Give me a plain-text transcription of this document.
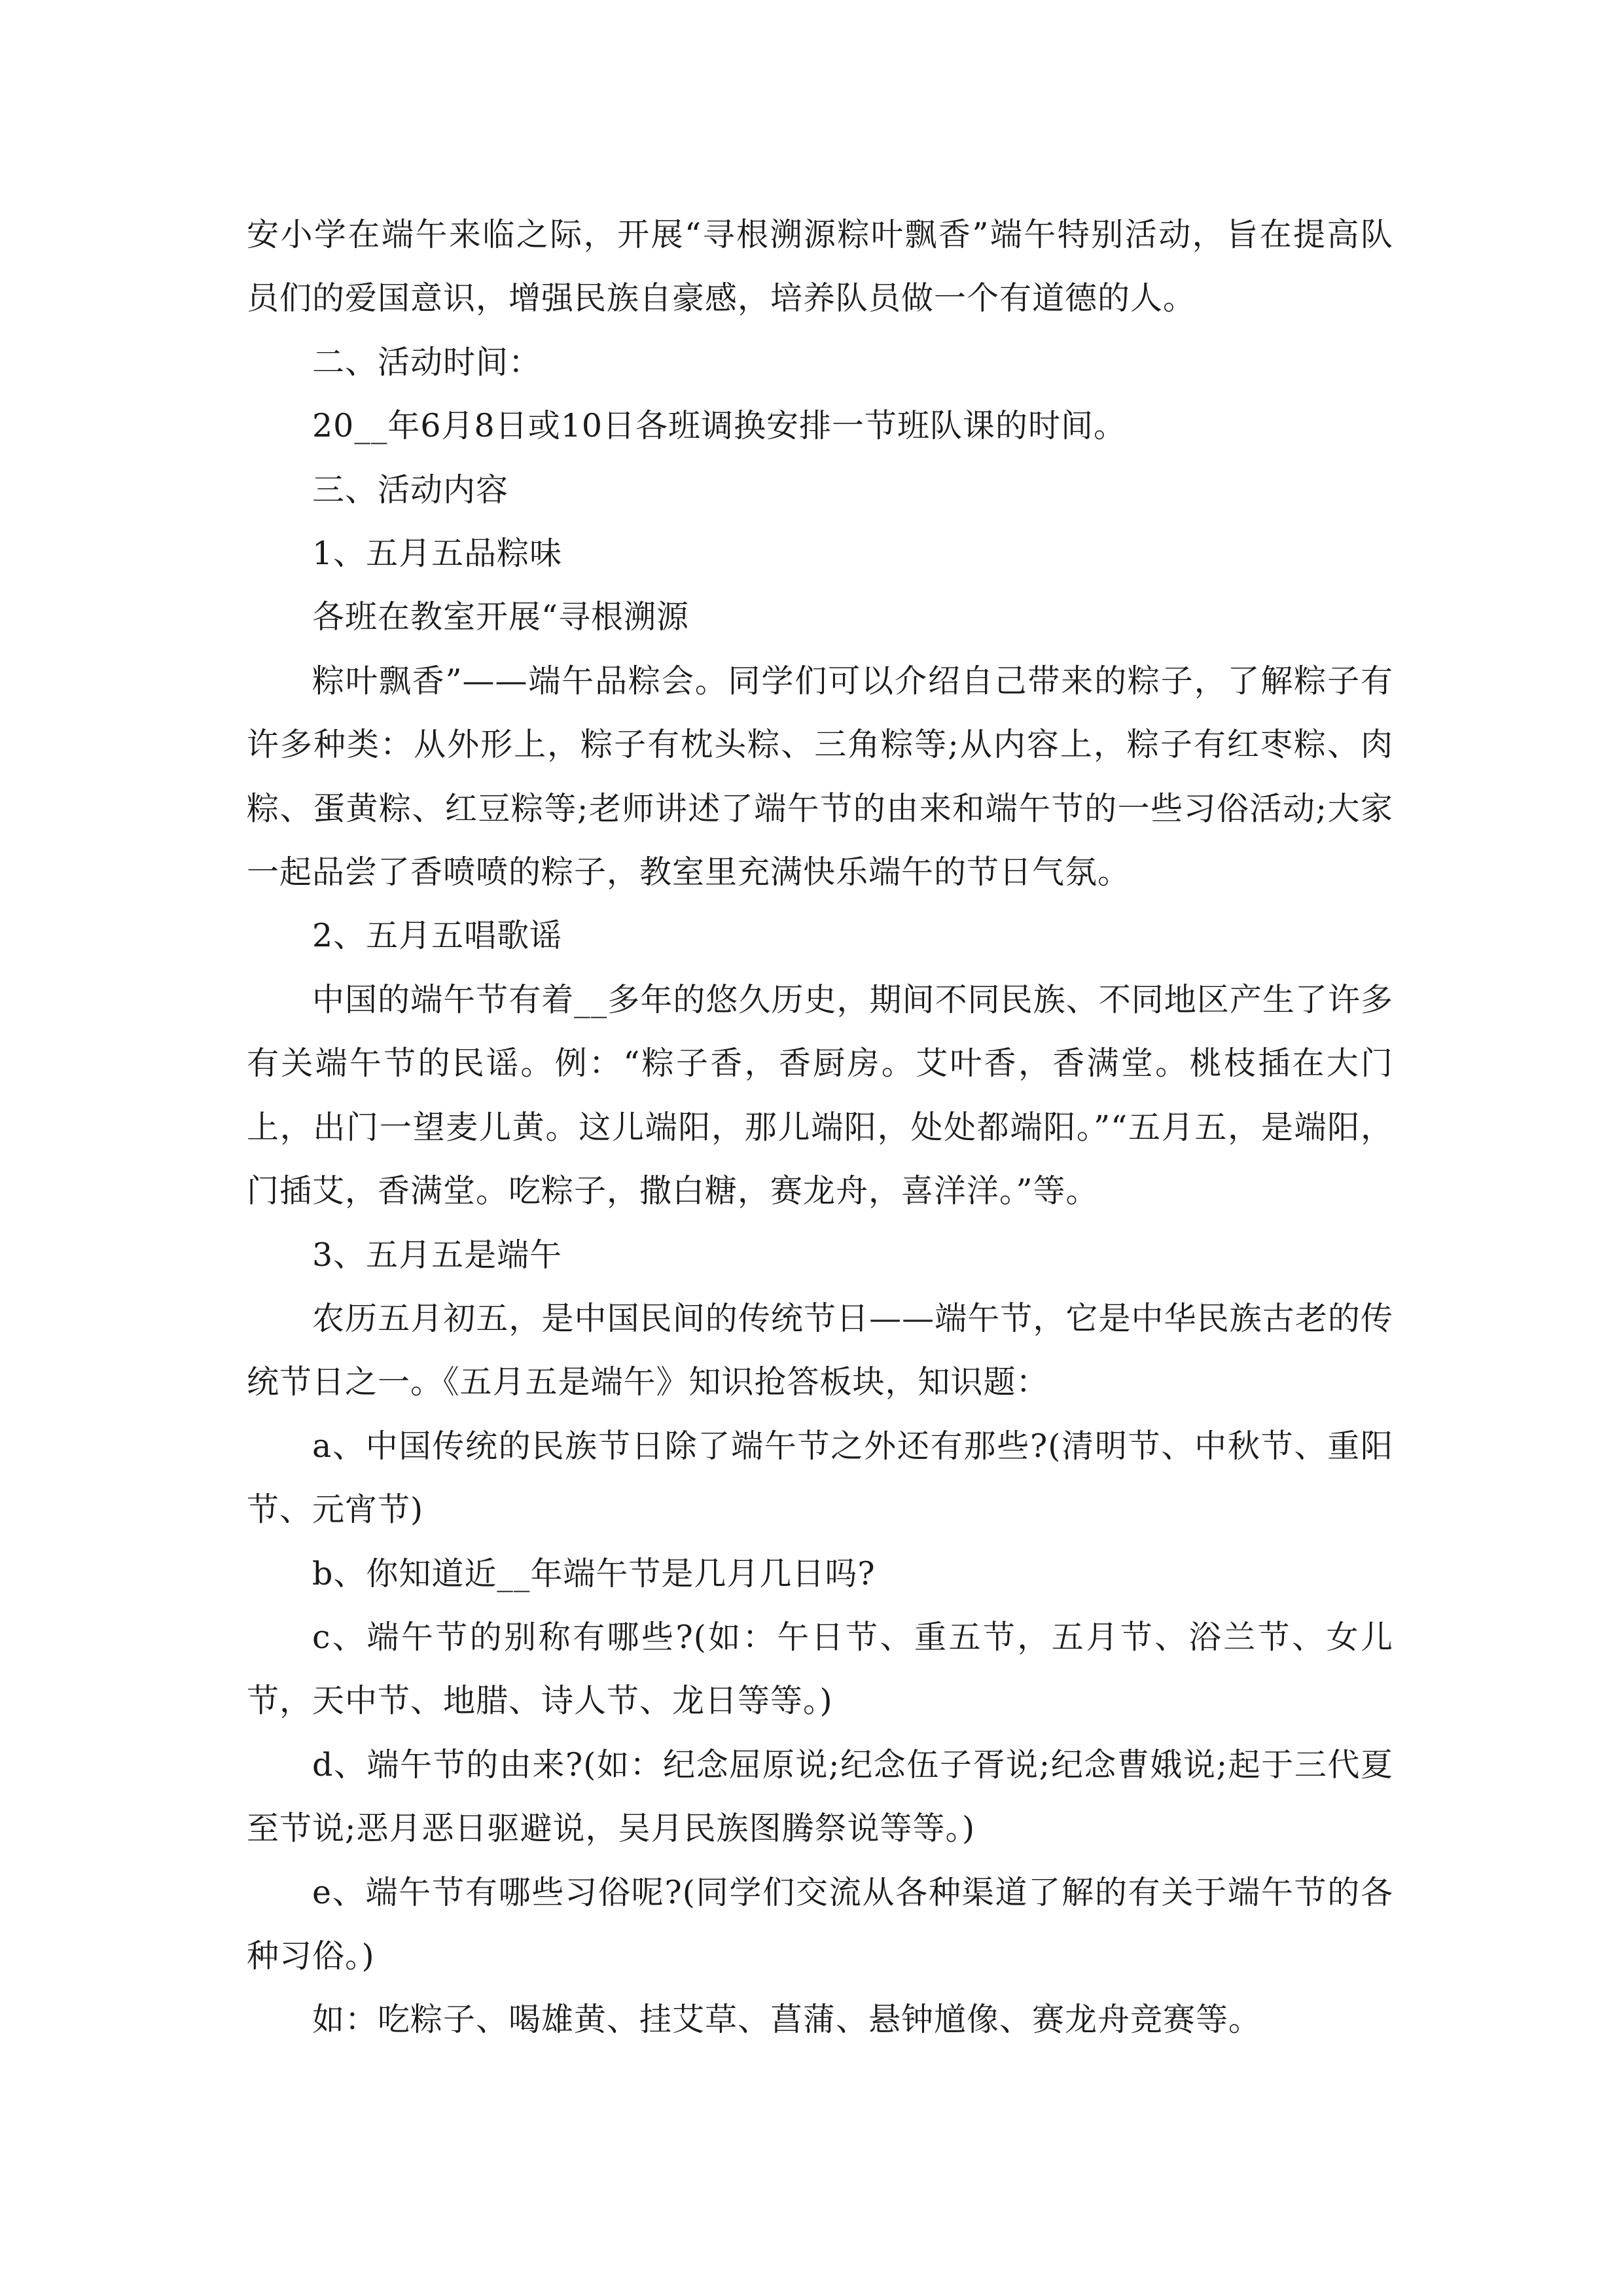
安小学在端午来临之际，开展“寻根溯源粽叶飘香”端午特别活动，旨在提高队员们的爱国意识，增强民族自豪感，培养队员做一个有道德的人。

二、活动时间：

20__年6月8日或10日各班调换安排一节班队课的时间。

三、活动内容

1、五月五品粽味

各班在教室开展“寻根溯源

粽叶飘香”——端午品粽会。同学们可以介绍自己带来的粽子，了解粽子有许多种类：从外形上，粽子有枕头粽、三角粽等;从内容上，粽子有红枣粽、肉粽、蛋黄粽、红豆粽等;老师讲述了端午节的由来和端午节的一些习俗活动;大家一起品尝了香喷喷的粽子，教室里充满快乐端午的节日气氛。

2、五月五唱歌谣

中国的端午节有着__多年的悠久历史，期间不同民族、不同地区产生了许多有关端午节的民谣。例：“粽子香，香厨房。艾叶香，香满堂。桃枝插在大门上，出门一望麦儿黄。这儿端阳，那儿端阳，处处都端阳。”“五月五，是端阳，门插艾，香满堂。吃粽子，撒白糖，赛龙舟，喜洋洋。”等。

3、五月五是端午

农历五月初五，是中国民间的传统节日——端午节，它是中华民族古老的传统节日之一。《五月五是端午》知识抢答板块，知识题：

a、中国传统的民族节日除了端午节之外还有那些?(清明节、中秋节、重阳节、元宵节)

b、你知道近__年端午节是几月几日吗?

c、端午节的别称有哪些?(如：午日节、重五节，五月节、浴兰节、女儿节，天中节、地腊、诗人节、龙日等等。)

d、端午节的由来?(如：纪念屈原说;纪念伍子胥说;纪念曹娥说;起于三代夏至节说;恶月恶日驱避说，吴月民族图腾祭说等等。)

e、端午节有哪些习俗呢?(同学们交流从各种渠道了解的有关于端午节的各种习俗。)

如：吃粽子、喝雄黄、挂艾草、菖蒲、悬钟馗像、赛龙舟竞赛等。
